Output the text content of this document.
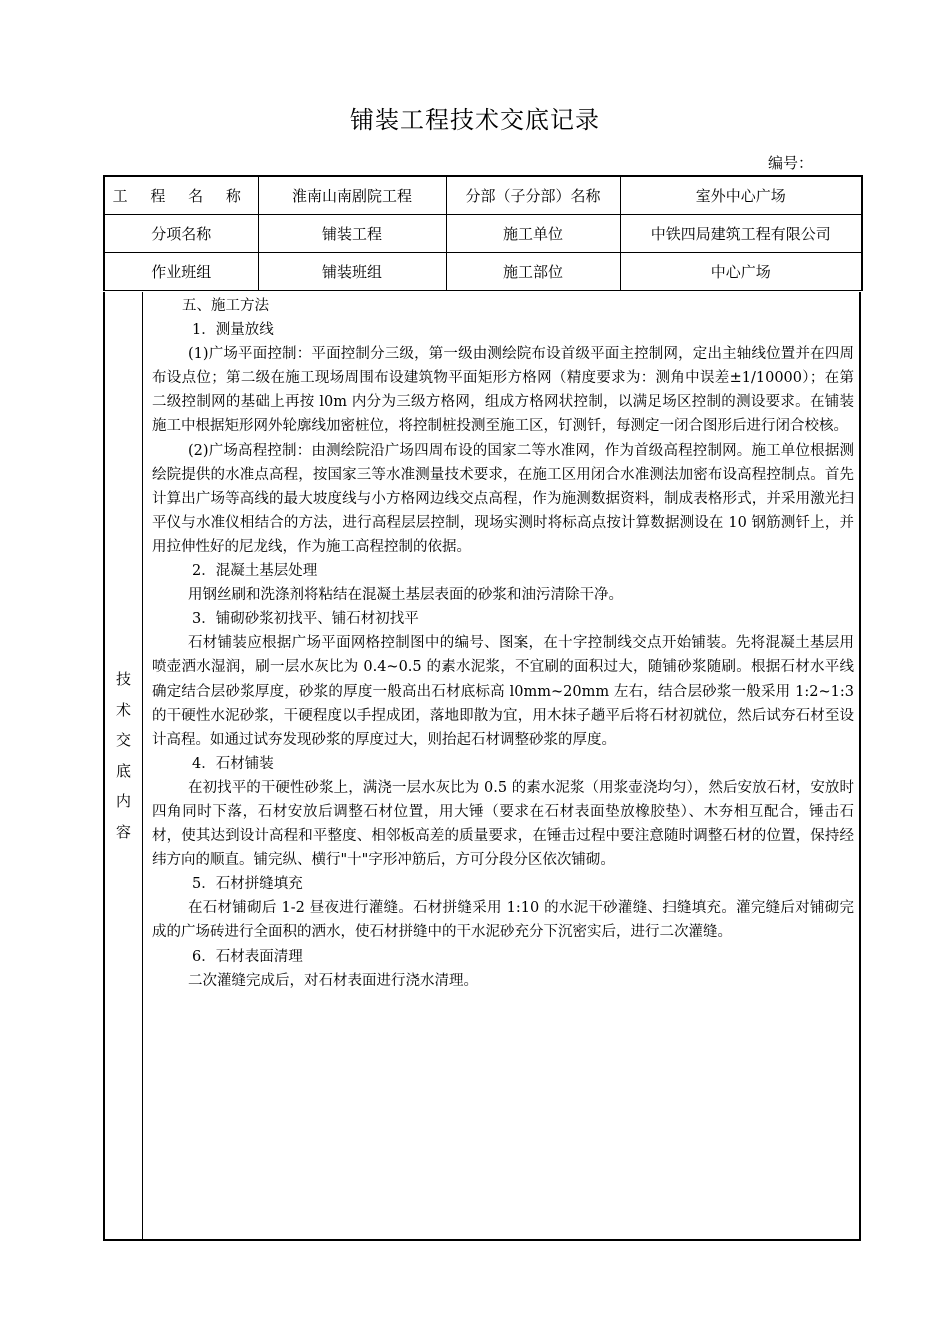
铺装工程技术交底记录
编号：
工 程 名 称	淮南山南剧院工程	分部（子分部）名称	室外中心广场
分项名称	铺装工程	施工单位	中铁四局建筑工程有限公司
作业班组	铺装班组	施工部位	中心广场
技
术
交
底
内
容

五、施工方法

1．测量放线

(1)广场平面控制：平面控制分三级，第一级由测绘院布设首级平面主控制网，定出主轴线位置并在四周布设点位；第二级在施工现场周围布设建筑物平面矩形方格网（精度要求为：测角中误差±1/10000）；在第二级控制网的基础上再按 l0m 内分为三级方格网，组成方格网状控制，以满足场区控制的测设要求。在铺装施工中根据矩形网外轮廓线加密桩位，将控制桩投测至施工区，钉测钎，每测定一闭合图形后进行闭合校核。

(2)广场高程控制：由测绘院沿广场四周布设的国家二等水准网，作为首级高程控制网。施工单位根据测绘院提供的水准点高程，按国家三等水准测量技术要求，在施工区用闭合水准测法加密布设高程控制点。首先计算出广场等高线的最大坡度线与小方格网边线交点高程，作为施测数据资料，制成表格形式，并采用激光扫平仪与水准仪相结合的方法，进行高程层层控制，现场实测时将标高点按计算数据测设在 10 钢筋测钎上，并用拉伸性好的尼龙线，作为施工高程控制的依据。

2．混凝土基层处理

用钢丝刷和洗涤剂将粘结在混凝土基层表面的砂浆和油污清除干净。

3．铺砌砂浆初找平、铺石材初找平

石材铺装应根据广场平面网格控制图中的编号、图案，在十字控制线交点开始铺装。先将混凝土基层用喷壶洒水湿润，刷一层水灰比为 0.4~0.5 的素水泥浆，不宜刷的面积过大，随铺砂浆随刷。根据石材水平线确定结合层砂浆厚度，砂浆的厚度一般高出石材底标高 l0mm~20mm 左右，结合层砂浆一般采用 1:2~1:3 的干硬性水泥砂浆，干硬程度以手捏成团，落地即散为宜，用木抹子趟平后将石材初就位，然后试夯石材至设计高程。如通过试夯发现砂浆的厚度过大，则抬起石材调整砂浆的厚度。

4．石材铺装

在初找平的干硬性砂浆上，满浇一层水灰比为 0.5 的素水泥浆（用浆壶浇均匀），然后安放石材，安放时四角同时下落，石材安放后调整石材位置，用大锤（要求在石材表面垫放橡胶垫）、木夯相互配合，锤击石材，使其达到设计高程和平整度、相邻板高差的质量要求，在锤击过程中要注意随时调整石材的位置，保持经纬方向的顺直。铺完纵、横行"十"字形冲筋后，方可分段分区依次铺砌。

5．石材拼缝填充

在石材铺砌后 1-2 昼夜进行灌缝。石材拼缝采用 1:10 的水泥干砂灌缝、扫缝填充。灌完缝后对铺砌完成的广场砖进行全面积的洒水，使石材拼缝中的干水泥砂充分下沉密实后，进行二次灌缝。

6．石材表面清理

二次灌缝完成后，对石材表面进行浇水清理。
